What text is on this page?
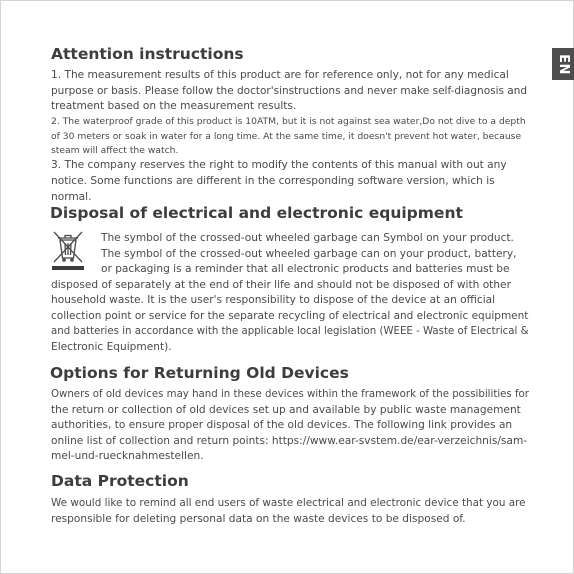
EN
Attention instructions

1. The measurement results of this product are for reference only, not for any medical

purpose or basis. Please follow the doctor'sinstructions and never make self-diagnosis and

treatment based on the measurement results.

2. The waterproof grade of this product is 10ATM, but it is not against sea water,Do not dive to a depth

of 30 meters or soak in water for a long time. At the same time, it doesn't prevent hot water, because

steam will affect the watch.

3. The company reserves the right to modify the contents of this manual with out any

notice. Some functions are different in the corresponding software version, which is

normal.

Disposal of electrical and electronic equipment

The symbol of the crossed-out wheeled garbage can Symbol on your product.

The symbol of the crossed-out wheeled garbage can on your product, battery,

or packaging is a reminder that all electronic products and batteries must be

disposed of separately at the end of their life and should not be disposed of with other

household waste. It is the user's responsibility to dispose of the device at an official

collection point or service for the separate recycling of electrical and electronic equipment

and batteries in accordance with the applicable local legislation (WEEE - Waste of Electrical &

Electronic Equipment).

Options for Returning Old Devices

Owners of old devices may hand in these devices within the framework of the possibilities for

the return or collection of old devices set up and available by public waste management

authorities, to ensure proper disposal of the old devices. The following link provides an

online list of collection and return points: https://www.ear-svstem.de/ear-verzeichnis/sam-

mel-und-ruecknahmestellen.

Data Protection

We would like to remind all end users of waste electrical and electronic device that you are

responsible for deleting personal data on the waste devices to be disposed of.
